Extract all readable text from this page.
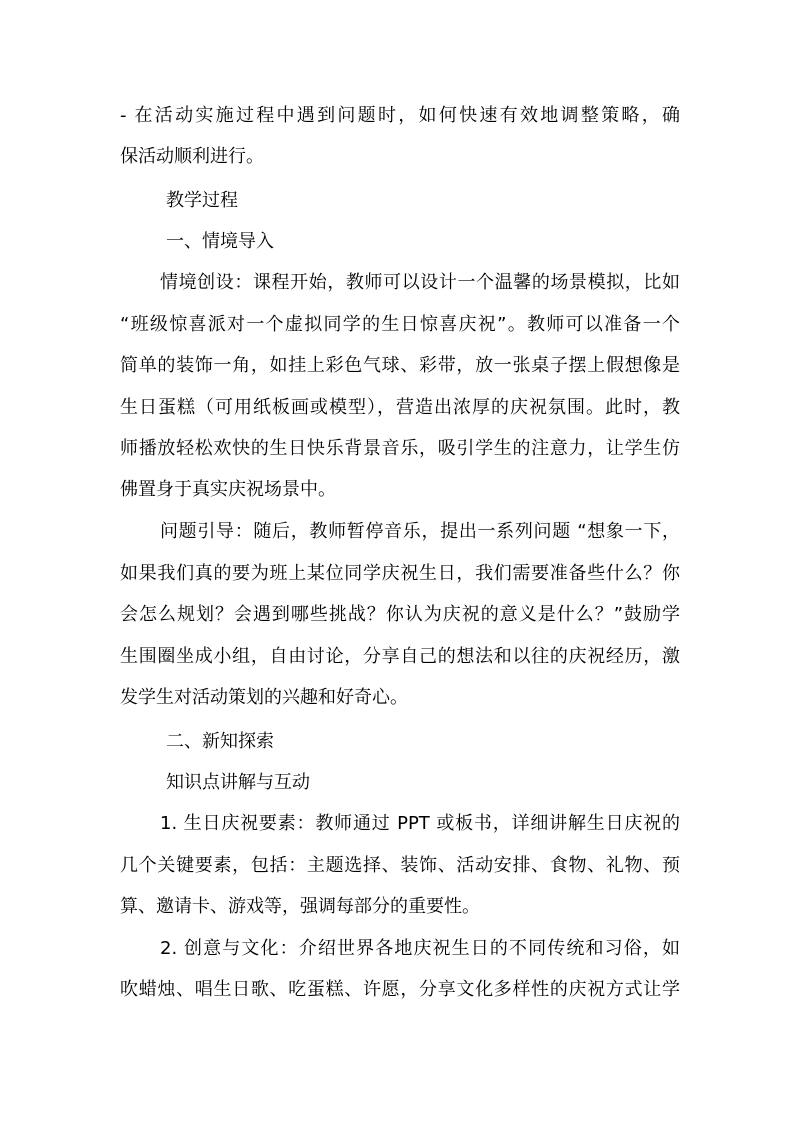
- 在活动实施过程中遇到问题时，如何快速有效地调整策略，确
保活动顺利进行。
教学过程
一、情境导入
情境创设：课程开始，教师可以设计一个温馨的场景模拟，比如
“班级惊喜派对一个虚拟同学的生日惊喜庆祝”。教师可以准备一个
简单的装饰一角，如挂上彩色气球、彩带，放一张桌子摆上假想像是
生日蛋糕（可用纸板画或模型），营造出浓厚的庆祝氛围。此时，教
师播放轻松欢快的生日快乐背景音乐，吸引学生的注意力，让学生仿
佛置身于真实庆祝场景中。
问题引导：随后，教师暂停音乐，提出一系列问题 “想象一下，
如果我们真的要为班上某位同学庆祝生日，我们需要准备些什么？你
会怎么规划？会遇到哪些挑战？你认为庆祝的意义是什么？”鼓励学
生围圈坐成小组，自由讨论，分享自己的想法和以往的庆祝经历，激
发学生对活动策划的兴趣和好奇心。
二、新知探索
知识点讲解与互动
1. 生日庆祝要素：教师通过 PPT 或板书，详细讲解生日庆祝的
几个关键要素，包括：主题选择、装饰、活动安排、食物、礼物、预
算、邀请卡、游戏等，强调每部分的重要性。
2. 创意与文化：介绍世界各地庆祝生日的不同传统和习俗，如
吹蜡烛、唱生日歌、吃蛋糕、许愿，分享文化多样性的庆祝方式让学
